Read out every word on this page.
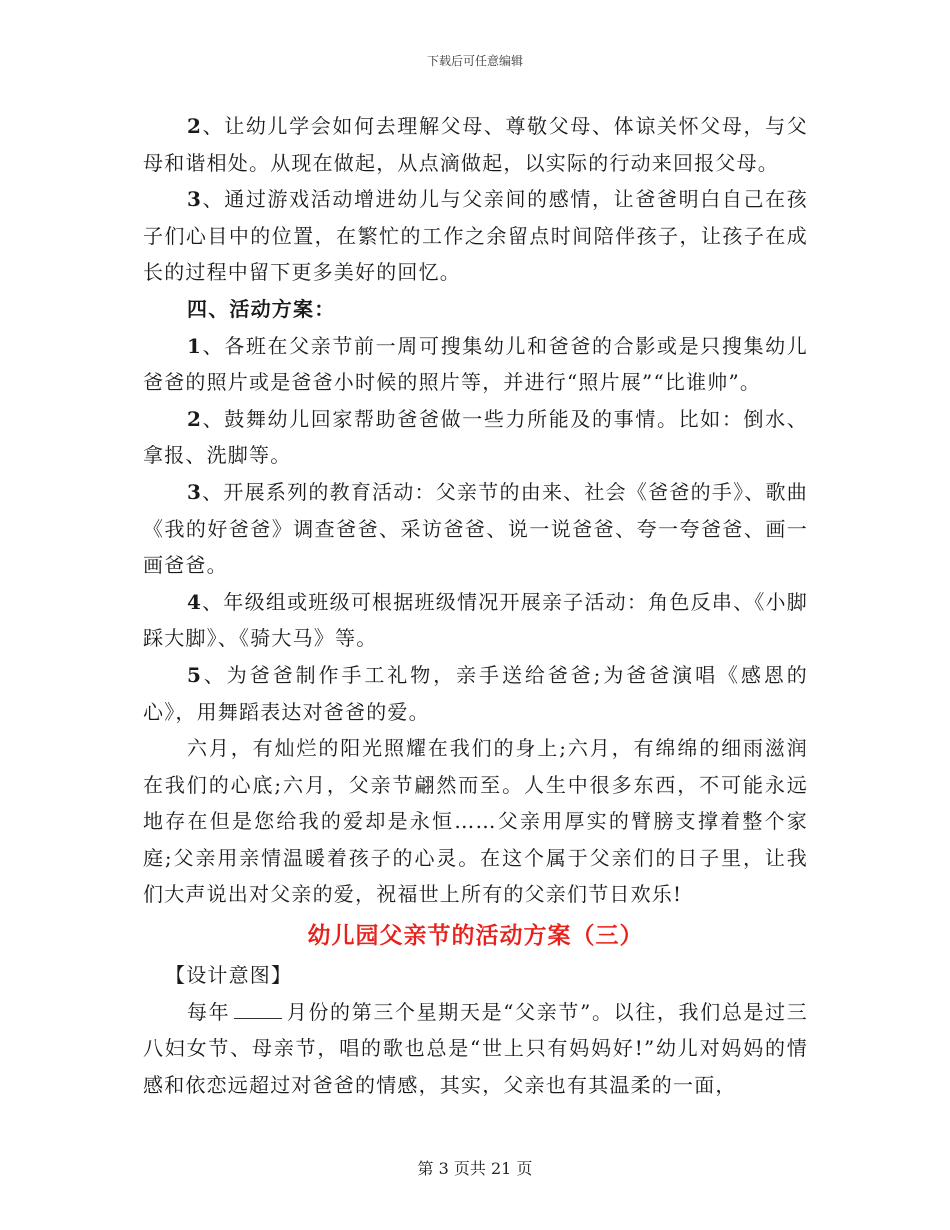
下载后可任意编辑

2、让幼儿学会如何去理解父母、尊敬父母、体谅关怀父母，与父母和谐相处。从现在做起，从点滴做起，以实际的行动来回报父母。

3、通过游戏活动增进幼儿与父亲间的感情，让爸爸明白自己在孩子们心目中的位置，在繁忙的工作之余留点时间陪伴孩子，让孩子在成长的过程中留下更多美好的回忆。

四、活动方案：

1、各班在父亲节前一周可搜集幼儿和爸爸的合影或是只搜集幼儿爸爸的照片或是爸爸小时候的照片等，并进行“照片展”“比谁帅”。

2、鼓舞幼儿回家帮助爸爸做一些力所能及的事情。比如：倒水、拿报、洗脚等。

3、开展系列的教育活动：父亲节的由来、社会《爸爸的手》、歌曲《我的好爸爸》调查爸爸、采访爸爸、说一说爸爸、夸一夸爸爸、画一画爸爸。

4、年级组或班级可根据班级情况开展亲子活动：角色反串、《小脚踩大脚》、《骑大马》等。

5、为爸爸制作手工礼物，亲手送给爸爸;为爸爸演唱《感恩的心》，用舞蹈表达对爸爸的爱。

六月，有灿烂的阳光照耀在我们的身上;六月，有绵绵的细雨滋润在我们的心底;六月，父亲节翩然而至。人生中很多东西，不可能永远地存在但是您给我的爱却是永恒……父亲用厚实的臂膀支撑着整个家庭;父亲用亲情温暖着孩子的心灵。在这个属于父亲们的日子里，让我们大声说出对父亲的爱，祝福世上所有的父亲们节日欢乐!

幼儿园父亲节的活动方案（三）

【设计意图】

每年	月份的第三个星期天是“父亲节”。以往，我们总是过三八妇女节、母亲节，唱的歌也总是“世上只有妈妈好!”幼儿对妈妈的情感和依恋远超过对爸爸的情感，其实，父亲也有其温柔的一面，

第 3 页共 21 页
